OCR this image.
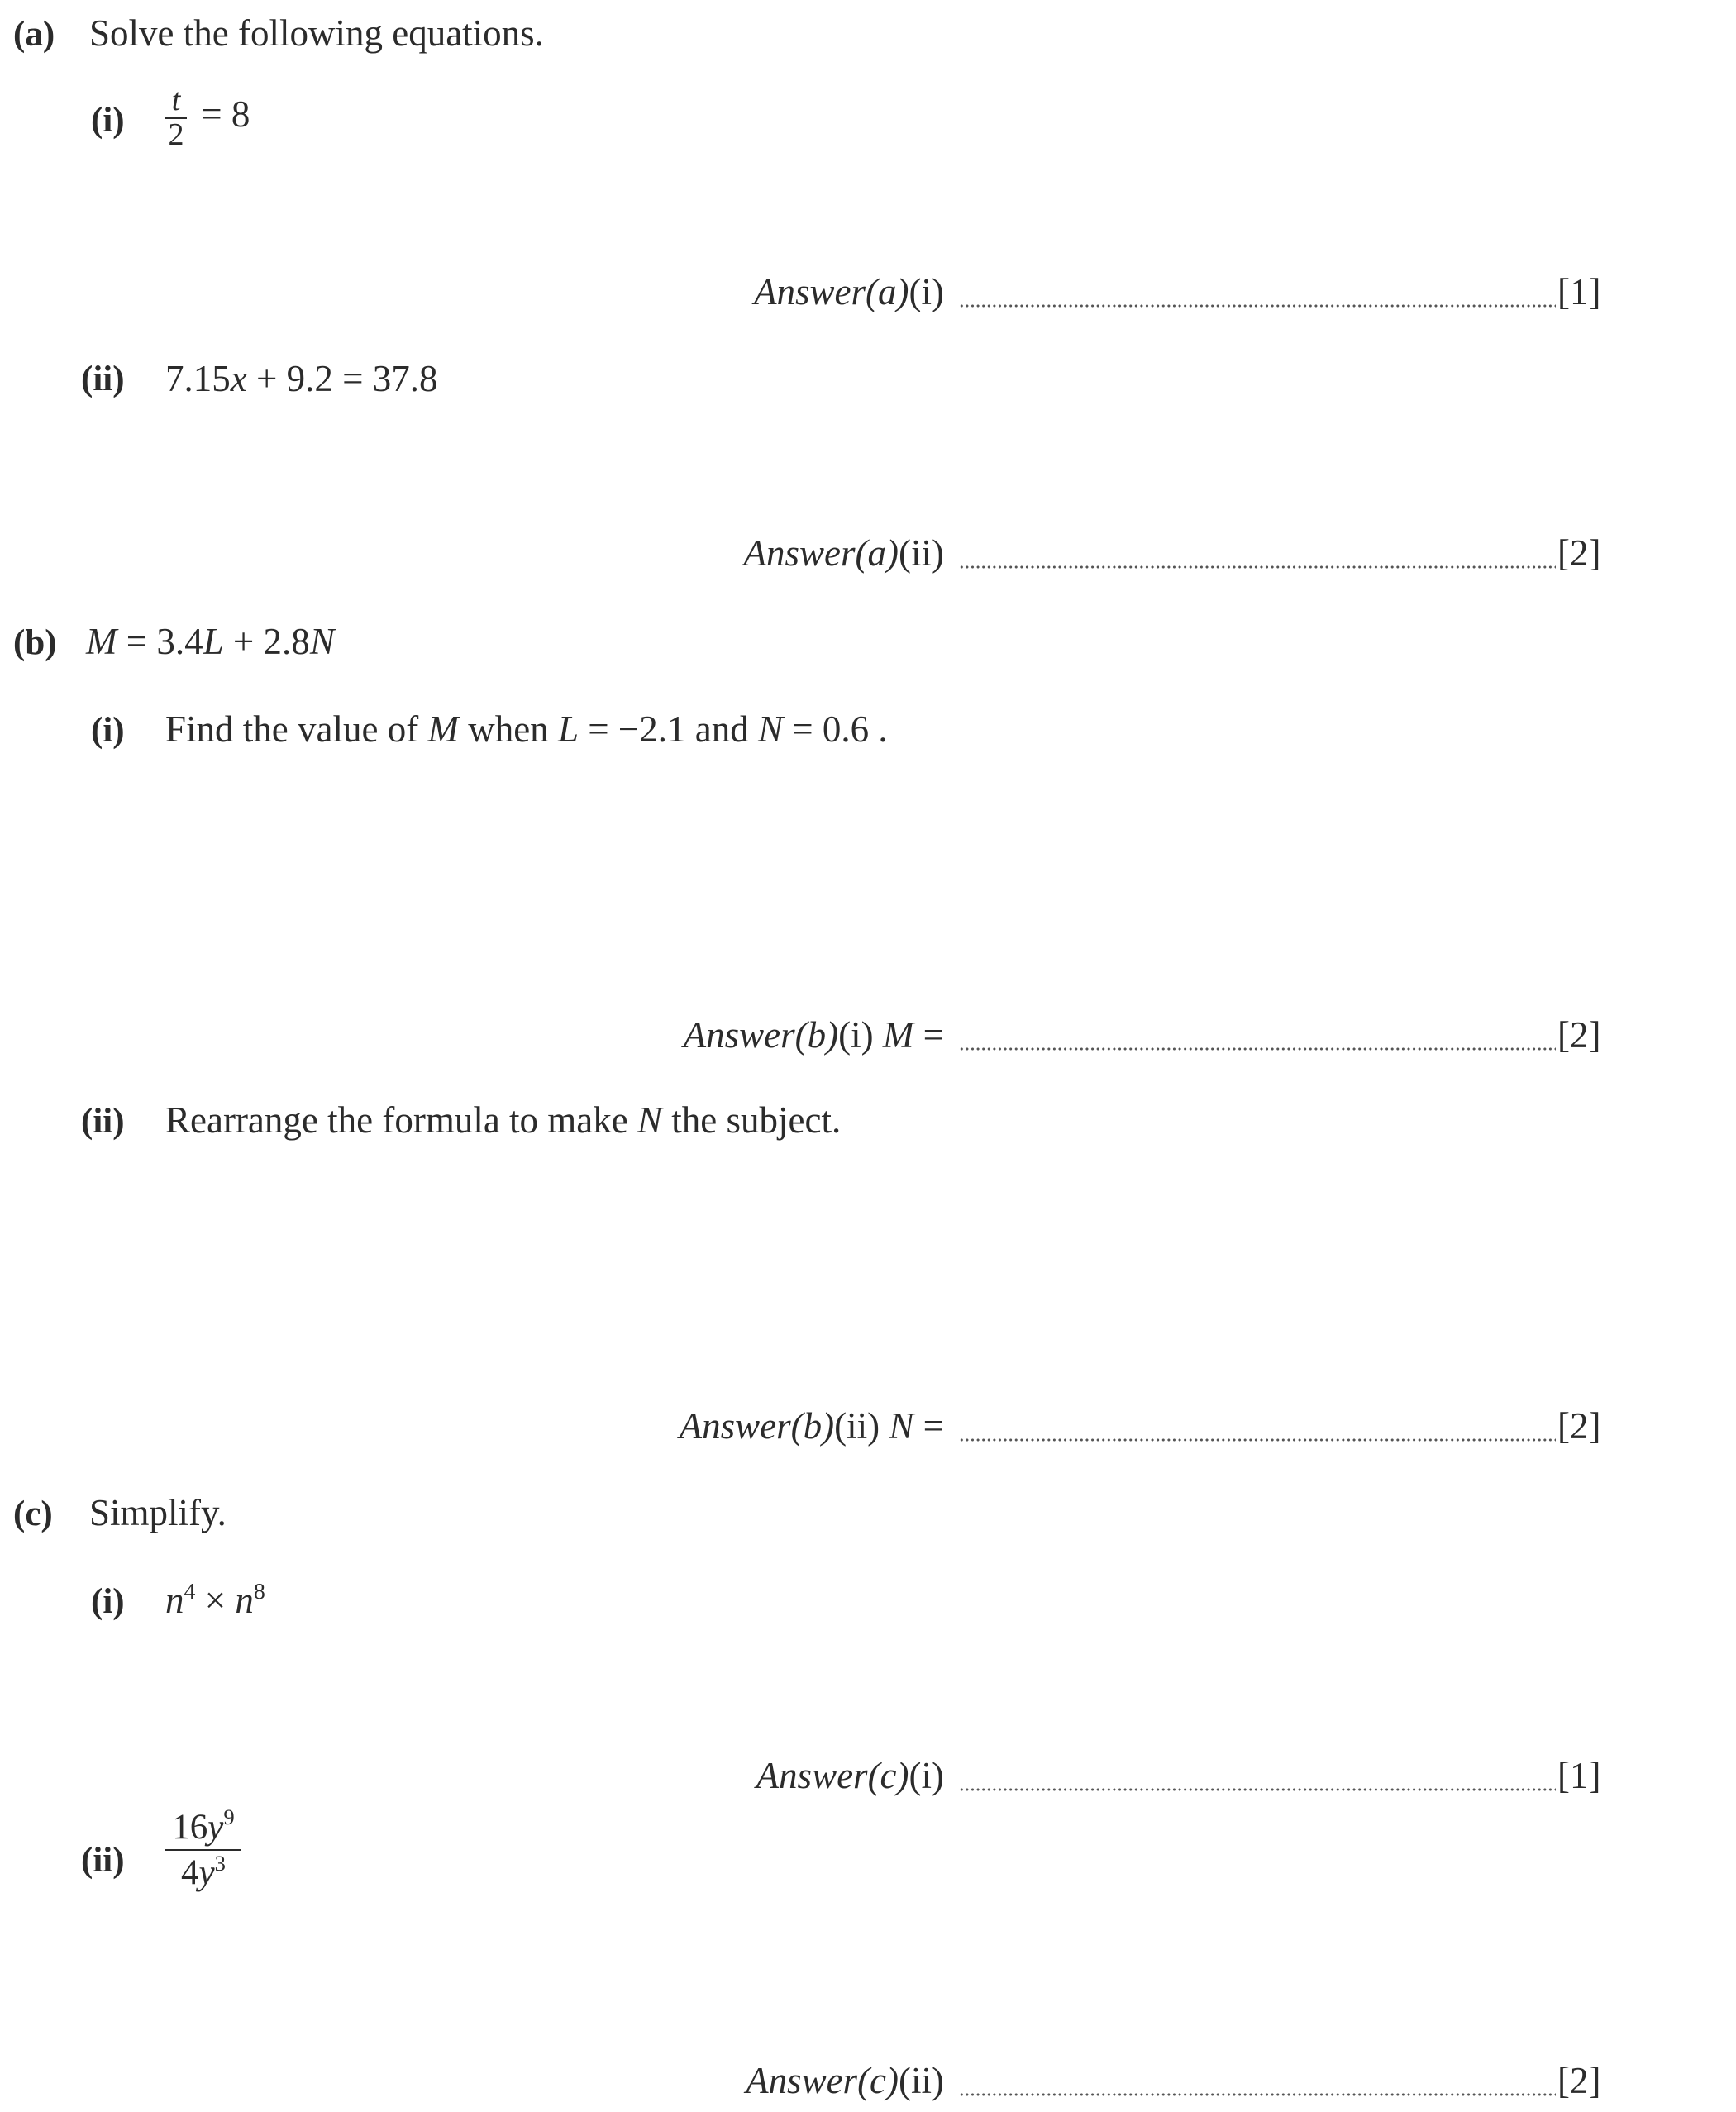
(a) Solve the following equations.
$(i) \frac{t}{2} = 8$
Answer(a)(i)	[1]
(ii) 7.15x + 9.2 = 37.8
Answer(a)(ii)	[2]
(b) M = 3.4L + 2.8N
(i) Find the value of M when L = −2.1 and N = 0.6 .
Answer(b)(i) M =	[2]
(ii) Rearrange the formula to make N the subject.
Answer(b)(ii) N =	[2]
(c) Simplify.
(i) $n^4 \times n^8$
Answer(c)(i)	[1]
$(ii) \frac{16y^9}{4y^3}$
Answer(c)(ii)	[2]
